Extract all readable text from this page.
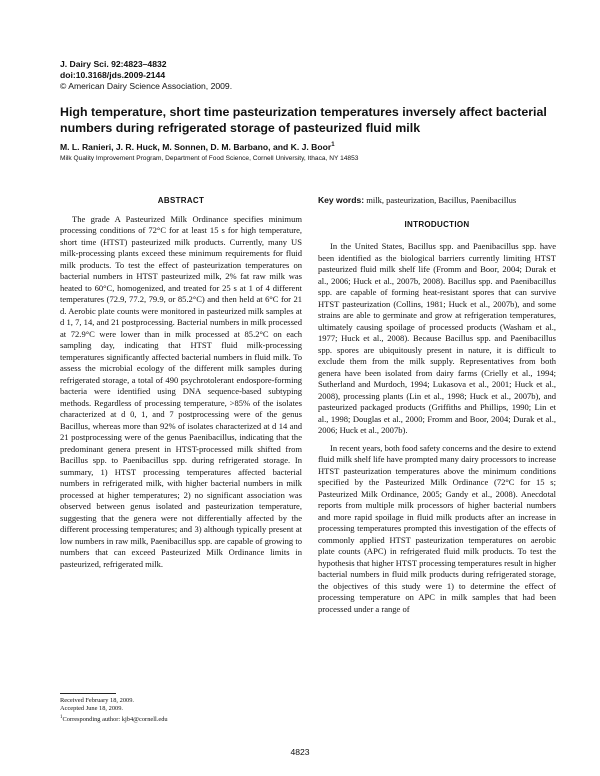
J. Dairy Sci. 92:4823–4832
doi:10.3168/jds.2009-2144
© American Dairy Science Association, 2009.
High temperature, short time pasteurization temperatures inversely affect bacterial numbers during refrigerated storage of pasteurized fluid milk
M. L. Ranieri, J. R. Huck, M. Sonnen, D. M. Barbano, and K. J. Boor$^1$
Milk Quality Improvement Program, Department of Food Science, Cornell University, Ithaca, NY 14853
ABSTRACT

The grade A Pasteurized Milk Ordinance specifies minimum processing conditions of 72°C for at least 15 s for high temperature, short time (HTST) pasteurized milk products. Currently, many US milk-processing plants exceed these minimum requirements for fluid milk products. To test the effect of pasteurization temperatures on bacterial numbers in HTST pasteurized milk, 2% fat raw milk was heated to 60°C, homogenized, and treated for 25 s at 1 of 4 different temperatures (72.9, 77.2, 79.9, or 85.2°C) and then held at 6°C for 21 d. Aerobic plate counts were monitored in pasteurized milk samples at d 1, 7, 14, and 21 postprocessing. Bacterial numbers in milk processed at 72.9°C were lower than in milk processed at 85.2°C on each sampling day, indicating that HTST fluid milk-processing temperatures significantly affected bacterial numbers in fluid milk. To assess the microbial ecology of the different milk samples during refrigerated storage, a total of 490 psychrotolerant endospore-forming bacteria were identified using DNA sequence-based subtyping methods. Regardless of processing temperature, >85% of the isolates characterized at d 0, 1, and 7 postprocessing were of the genus Bacillus, whereas more than 92% of isolates characterized at d 14 and 21 postprocessing were of the genus Paenibacillus, indicating that the predominant genera present in HTST-processed milk shifted from Bacillus spp. to Paenibacillus spp. during refrigerated storage. In summary, 1) HTST processing temperatures affected bacterial numbers in refrigerated milk, with higher bacterial numbers in milk processed at higher temperatures; 2) no significant association was observed between genus isolated and pasteurization temperature, suggesting that the genera were not differentially affected by the different processing temperatures; and 3) although typically present at low numbers in raw milk, Paenibacillus spp. are capable of growing to numbers that can exceed Pasteurized Milk Ordinance limits in pasteurized, refrigerated milk.

Received February 18, 2009.
Accepted June 18, 2009.
$^1$Corresponding author: kjb4@cornell.edu

Key words: milk, pasteurization, Bacillus, Paenibacillus

INTRODUCTION

In the United States, Bacillus spp. and Paenibacillus spp. have been identified as the biological barriers currently limiting HTST pasteurized fluid milk shelf life (Fromm and Boor, 2004; Durak et al., 2006; Huck et al., 2007b, 2008). Bacillus spp. and Paenibacillus spp. are capable of forming heat-resistant spores that can survive HTST pasteurization (Collins, 1981; Huck et al., 2007b), and some strains are able to germinate and grow at refrigeration temperatures, ultimately causing spoilage of processed products (Washam et al., 1977; Huck et al., 2008). Because Bacillus spp. and Paenibacillus spp. spores are ubiquitously present in nature, it is difficult to exclude them from the milk supply. Representatives from both genera have been isolated from dairy farms (Crielly et al., 1994; Sutherland and Murdoch, 1994; Lukasova et al., 2001; Huck et al., 2008), processing plants (Lin et al., 1998; Huck et al., 2007b), and pasteurized packaged products (Griffiths and Phillips, 1990; Lin et al., 1998; Douglas et al., 2000; Fromm and Boor, 2004; Durak et al., 2006; Huck et al., 2007b).

In recent years, both food safety concerns and the desire to extend fluid milk shelf life have prompted many dairy processors to increase HTST pasteurization temperatures above the minimum conditions specified by the Pasteurized Milk Ordinance (72°C for 15 s; Pasteurized Milk Ordinance, 2005; Gandy et al., 2008). Anecdotal reports from multiple milk processors of higher bacterial numbers and more rapid spoilage in fluid milk products after an increase in processing temperatures prompted this investigation of the effects of commonly applied HTST pasteurization temperatures on aerobic plate counts (APC) in refrigerated fluid milk products. To test the hypothesis that higher HTST processing temperatures result in higher bacterial numbers in fluid milk products during refrigerated storage, the objectives of this study were 1) to determine the effect of processing temperature on APC in milk samples that had been processed under a range of

4823
